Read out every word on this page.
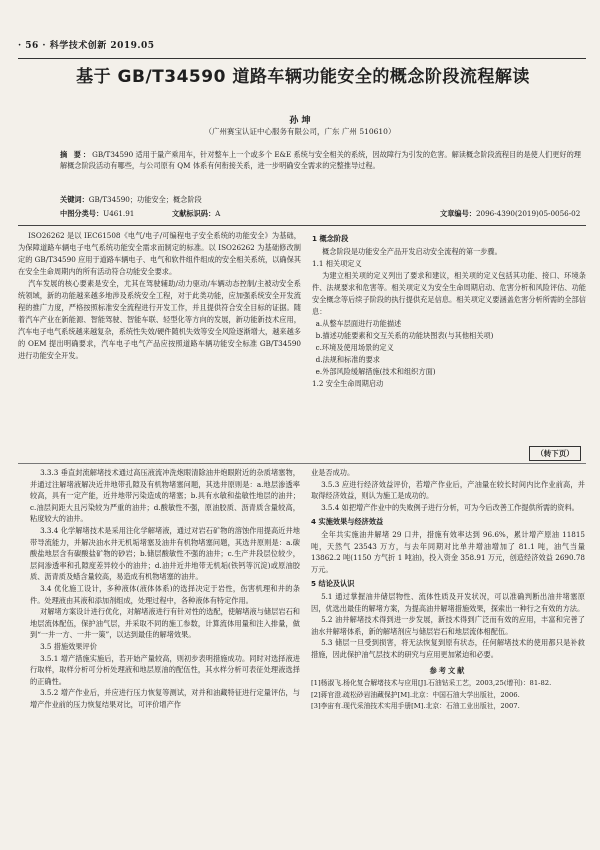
· 56 · 科学技术创新 2019.05
基于 GB/T34590 道路车辆功能安全的概念阶段流程解读
孙 坤
（广州赛宝认证中心服务有限公司，广东 广州 510610）
摘 要：GB/T34590 适用于量产乘用车，针对整车上一个或多个 E&E 系统与安全相关的系统，因故障行为引发的危害。解读概念阶段流程目的是使人们更好的理解概念阶段活动有哪些，与公司原有 QM 体系有何衔接关系，进一步明确安全需求的完整推导过程。
关键词：GB/T34590；功能安全；概念阶段
中图分类号：U461.91	文献标识码：A	文章编号：2096-4390(2019)05-0056-02

ISO26262 是以 IEC61508《电气/电子/可编程电子安全系统的功能安全》为基础，为保障道路车辆电子电气系统功能安全需求而制定的标准。以 ISO26262 为基础修改制定的 GB/T34590 应用于道路车辆电子、电气和软件组件组成的安全相关系统，以确保其在安全生命周期内的所有活动符合功能安全要求。

汽车发展的核心要素是安全，尤其在驾驶辅助/动力驱动/车辆动态控制/主被动安全系统领域，新的功能越来越多地涉及系统安全工程，对于此类功能，应加强系统安全开发流程的推广力度，严格按照标准安全流程进行开发工作，并且提供符合安全目标的证据。随着汽车产业在新能源、智能驾驶、智能车联、轻型化等方向的发展，新功能新技术应用，汽车电子电气系统越来越复杂，系统性失效/硬件随机失效等安全风险逐渐增大，越来越多的 OEM 提出明确要求，汽车电子电气产品应按照道路车辆功能安全标准 GB/T34590 进行功能安全开发。

1 概念阶段

概念阶段是功能安全产品开发启动安全流程的第一步骤。

1.1 相关项定义

为建立相关项的定义列出了要求和建议，相关项的定义包括其功能、接口、环境条件、法规要求和危害等。相关项定义为安全生命周期启动、危害分析和风险评估、功能安全概念等后续子阶段的执行提供充足信息。相关项定义要涵盖危害分析所需的全部信息：

a.从整车层面进行功能描述

b.描述功能要素和交互关系的功能块图表(与其他相关项)

c.环境及使用场景的定义

d.法规和标准的要求

e.外部风险缓解措施(技术和组织方面)

1.2 安全生命周期启动

（转下页）

3.3.3 垂直封流解堵技术通过高压液流冲洗炮眼清除油井炮眼附近的杂质堵塞物，并通过注解堵液解决近井地带孔隙及有机物堵塞问题，其选井原则是：a.地层渗透率较高，具有一定产能，近井地带污染造成的堵塞；b.具有水敏和盐敏性地层的油井；c.油层间距大且污染较为严重的油井；d.酸敏性不强，原油胶质、沥青质含量较高，粘度较大的油井。

3.3.4 化学解堵技术是采用注化学解堵液，通过对岩石矿物的溶蚀作用提高近井地带导流能力，并解决油水井无机垢堵塞及油井有机物堵塞问题，其选井原则是：a.碳酸盐地层含有碳酸盐矿物的砂岩；b.储层酸敏性不强的油井；c.生产井段层位较少，层间渗透率和孔隙度差异较小的油井；d.油井近井地带无机垢(铁钙等沉淀)或原油胶质、沥青质及蜡含量较高，易造成有机物堵塞的油井。

3.4 优化施工设计，多种液体(液体体系)的选择决定于岩性，伤害机理和井的条件。处理液由其液和添加剂组成，处理过程中，各种液体有特定作用。

对解堵方案设计进行优化，对解堵液进行有针对性的选配，使解堵液与储层岩石和地层流体配伍，保护油气层，并采取不同的施工参数，计算流体用量和注入排量，做到“一井一方、一井一策”，以达到最佳的解堵效果。

3.5 措施效果评价

3.5.1 增产措施实施后，若开始产量较高，则初步表明措施成功。同时对选择液进行取样，取样分析可分析处理液和地层原油的配伍性，其水样分析可表征处理液选择的正确性。

3.5.2 增产作业后，并应进行压力恢复等测试，对并和油藏特征进行定量评估，与增产作业前的压力恢复结果对比，可评价增产作

业是否成功。

3.5.3 应进行经济效益评价，若增产作业后，产油量在较长时间内比作业前高，并取得经济效益，则认为施工是成功的。

3.5.4 如把增产作业中的失败例子进行分析，可为今后改善工作提供所需的资料。

4 实施效果与经济效益

全年共实施油井解堵 29 口井，措施有效率达到 96.6%，累计增产原油 11815 吨，天然气 23543 万方，与去年同期对比单井增油增加了 81.1 吨，油气当量 13862.2 吨(1150 方气折 1 吨油)，投入资金 358.91 万元，创造经济效益 2690.78 万元。

5 结论及认识

5.1 通过掌握油井储层物性、流体性质及开发状况，可以准确判断出油井堵塞原因，优选出最佳的解堵方案，为提高油井解堵措施效果，探索出一种行之有效的方法。

5.2 油井解堵技术得到进一步发展，新技术得到广泛而有效的应用，丰富和完善了油水井解堵体系，新的解堵剂应与储层岩石和地层流体相配伍。

5.3 储层一旦受到损害，将无法恢复到原有状态，任何解堵技术的使用都只是补救措施，因此保护油气层技术的研究与应用更加紧迫和必要。

参考文献

[1]杨淑飞.杨化复合解堵技术与应用[J].石油钻采工艺，2003,25(增刊)：81-82.

[2]蒋官澄.疏松砂岩油藏保护[M].北京：中国石油大学出版社，2006.

[3]李宙有.现代采油技术实用手册[M].北京：石油工业出版社，2007.
